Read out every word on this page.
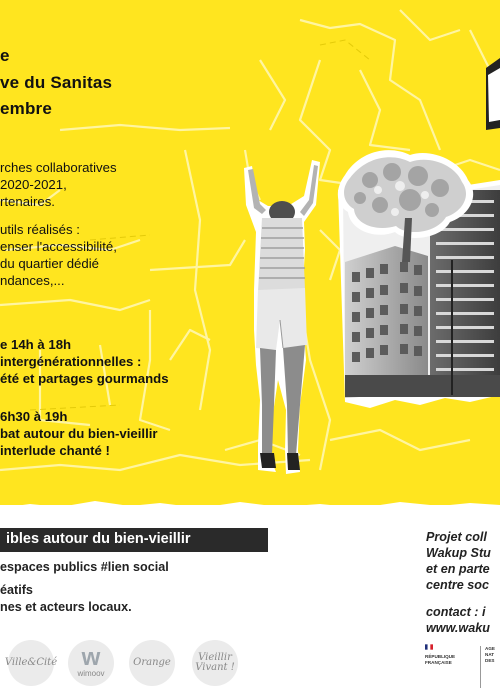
e
ve du Sanitas
embre
rches collaboratives
2020-2021,
rtenaires.
utils réalisés :
enser l'accessibilité,
du quartier dédié
ndances,...
e 14h à 18h
intergénérationnelles :
été et partages gourmands
6h30 à 19h
bat autour du bien-vieillir
interlude chanté !
ibles autour du bien-vieillir
espaces publics #lien social
éatifs
nes et acteurs locaux.
Projet coll
Wakup Stu
et en parte
centre soc
contact : i
www.waku
Ville&Cité w
wimoov
Orange	Vieillir Vivant !
RÉPUBLIQUE
FRANÇAISE
AGE NAT DES
